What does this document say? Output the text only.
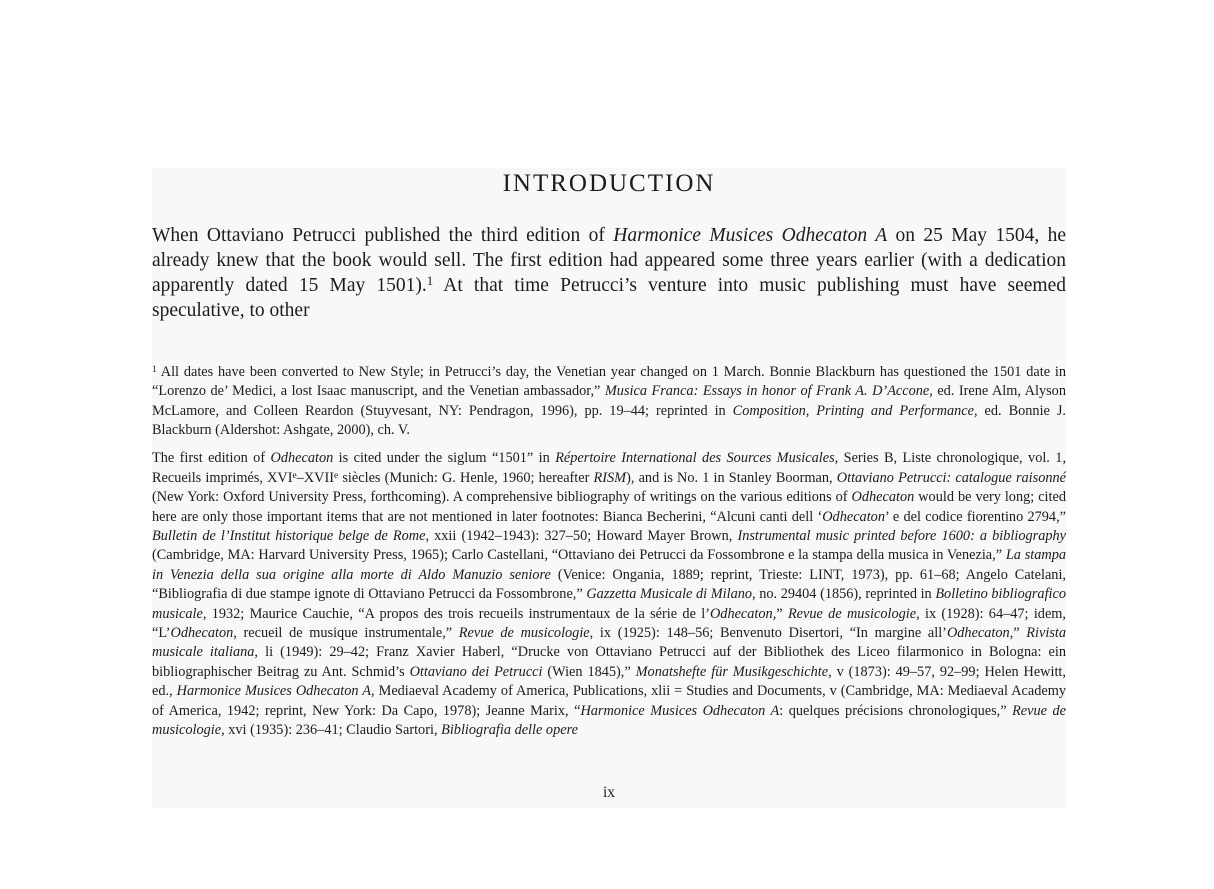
INTRODUCTION

When Ottaviano Petrucci published the third edition of Harmonice Musices Odhecaton A on 25 May 1504, he already knew that the book would sell. The first edition had appeared some three years earlier (with a dedication apparently dated 15 May 1501).$^1$ At that time Petrucci’s venture into music publishing must have seemed speculative, to other

$^1$ All dates have been converted to New Style; in Petrucci’s day, the Venetian year changed on 1 March. Bonnie Blackburn has questioned the 1501 date in “Lorenzo de’ Medici, a lost Isaac manuscript, and the Venetian ambassador,” Musica Franca: Essays in honor of Frank A. D’Accone, ed. Irene Alm, Alyson McLamore, and Colleen Reardon (Stuyvesant, NY: Pendragon, 1996), pp. 19–44; reprinted in Composition, Printing and Performance, ed. Bonnie J. Blackburn (Aldershot: Ashgate, 2000), ch. V.

The first edition of Odhecaton is cited under the siglum “1501” in Répertoire International des Sources Musicales, Series B, Liste chronologique, vol. 1, Recueils imprimés, XVIe–XVIIe siècles (Munich: G. Henle, 1960; hereafter RISM), and is No. 1 in Stanley Boorman, Ottaviano Petrucci: catalogue raisonné (New York: Oxford University Press, forthcoming). A comprehensive bibliography of writings on the various editions of Odhecaton would be very long; cited here are only those important items that are not mentioned in later footnotes: Bianca Becherini, “Alcuni canti dell ‘Odhecaton’ e del codice fiorentino 2794,” Bulletin de l’Institut historique belge de Rome, xxii (1942–1943): 327–50; Howard Mayer Brown, Instrumental music printed before 1600: a bibliography (Cambridge, MA: Harvard University Press, 1965); Carlo Castellani, “Ottaviano dei Petrucci da Fossombrone e la stampa della musica in Venezia,” La stampa in Venezia della sua origine alla morte di Aldo Manuzio seniore (Venice: Ongania, 1889; reprint, Trieste: LINT, 1973), pp. 61–68; Angelo Catelani, “Bibliografia di due stampe ignote di Ottaviano Petrucci da Fossombrone,” Gazzetta Musicale di Milano, no. 29404 (1856), reprinted in Bolletino bibliografico musicale, 1932; Maurice Cauchie, “A propos des trois recueils instrumentaux de la série de l’Odhecaton,” Revue de musicologie, ix (1928): 64–47; idem, “L’Odhecaton, recueil de musique instrumentale,” Revue de musicologie, ix (1925): 148–56; Benvenuto Disertori, “In margine all’Odhecaton,” Rivista musicale italiana, li (1949): 29–42; Franz Xavier Haberl, “Drucke von Ottaviano Petrucci auf der Bibliothek des Liceo filarmonico in Bologna: ein bibliographischer Beitrag zu Ant. Schmid’s Ottaviano dei Petrucci (Wien 1845),” Monatshefte für Musikgeschichte, v (1873): 49–57, 92–99; Helen Hewitt, ed., Harmonice Musices Odhecaton A, Mediaeval Academy of America, Publications, xlii = Studies and Documents, v (Cambridge, MA: Mediaeval Academy of America, 1942; reprint, New York: Da Capo, 1978); Jeanne Marix, “Harmonice Musices Odhecaton A: quelques précisions chronologiques,” Revue de musicologie, xvi (1935): 236–41; Claudio Sartori, Bibliografia delle opere

ix
